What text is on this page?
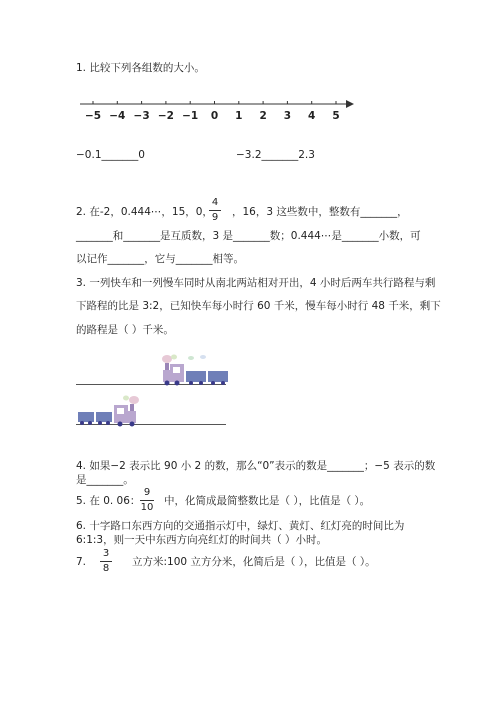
1. 比较下列各组数的大小。
−5 −4 −3 −2 −1 0 1 2 3 4 5
−0.1_______0	−3.2_______2.3
2. 在-2，0.444⋯，15，0，
4
9 ，16，3 这些数中，整数有_______，
_______和_______是互质数，3 是_______数；0.444⋯是_______小数，可
以记作_______，它与_______相等。
3. 一列快车和一列慢车同时从南北两站相对开出，4 小时后两车共行路程与剩
下路程的比是 3:2，已知快车每小时行 60 千米，慢车每小时行 48 千米，剩下
的路程是（ ）千米。
4. 如果−2 表示比 90 小 2 的数，那么“0”表示的数是_______；−5 表示的数
是_______。
5. 在 0. 06：
9
10
中，化简成最简整数比是（ ），比值是（ ）。
6. 十字路口东西方向的交通指示灯中，绿灯、黄灯、红灯亮的时间比为
6:1:3，则一天中东西方向亮红灯的时间共（ ）小时。
7.
3
8
立方米:100 立方分米，化简后是（ ），比值是（ ）。
